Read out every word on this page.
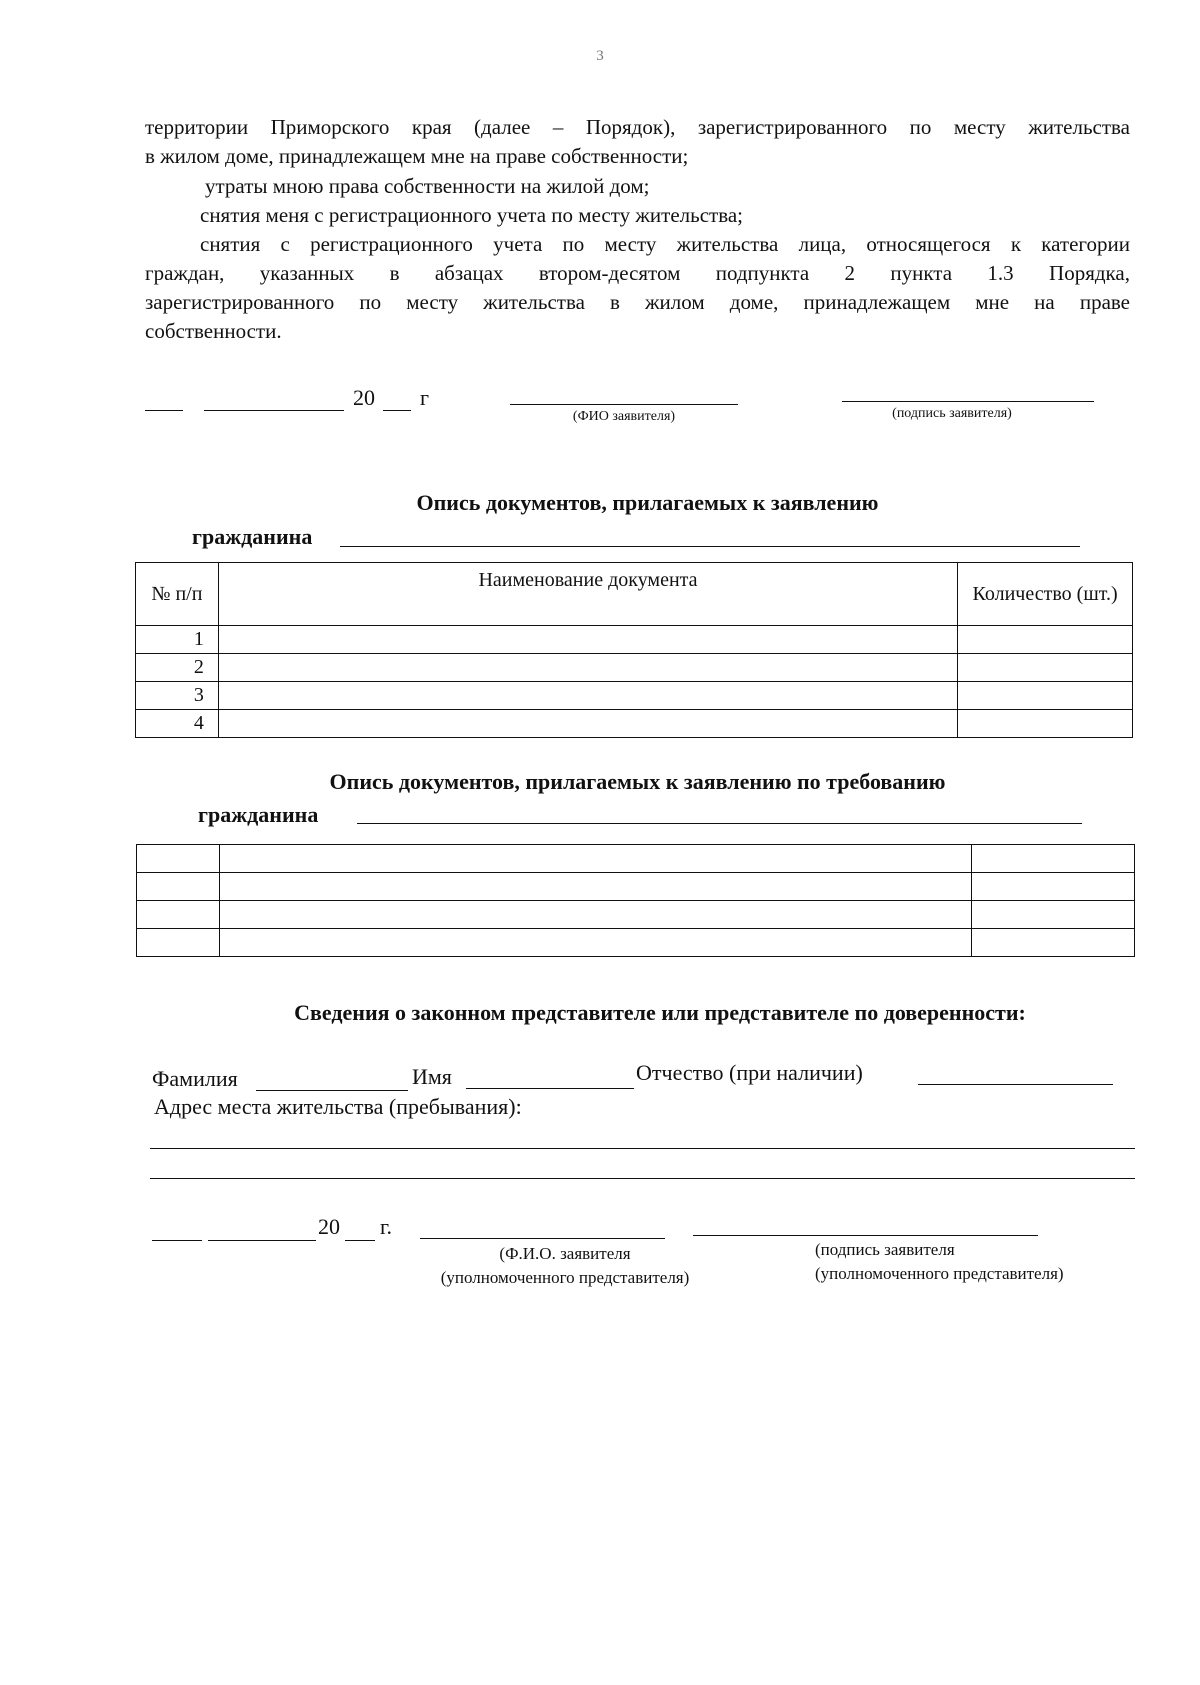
3
территории Приморского края (далее – Порядок), зарегистрированного по месту жительства
в жилом доме, принадлежащем мне на праве собственности;
утраты мною права собственности на жилой дом;
снятия меня с регистрационного учета по месту жительства;
снятия с регистрационного учета по месту жительства лица, относящегося к категории
граждан, указанных в абзацах втором-десятом подпункта 2 пункта 1.3 Порядка,
зарегистрированного по месту жительства в жилом доме, принадлежащем мне на праве
собственности.
20 г
(ФИО заявителя)	(подпись заявителя)
Опись документов, прилагаемых к заявлению
гражданина
№ п/п	Наименование документа	Количество (шт.)
1		
2		
3		
4		
Опись документов, прилагаемых к заявлению по требованию
гражданина

Сведения о законном представителе или представителе по доверенности:
Фамилия	Имя	Отчество (при наличии)
Адрес места жительства (пребывания):
20 г.
(Ф.И.О. заявителя
(уполномоченного представителя)
(подпись заявителя
(уполномоченного представителя)
